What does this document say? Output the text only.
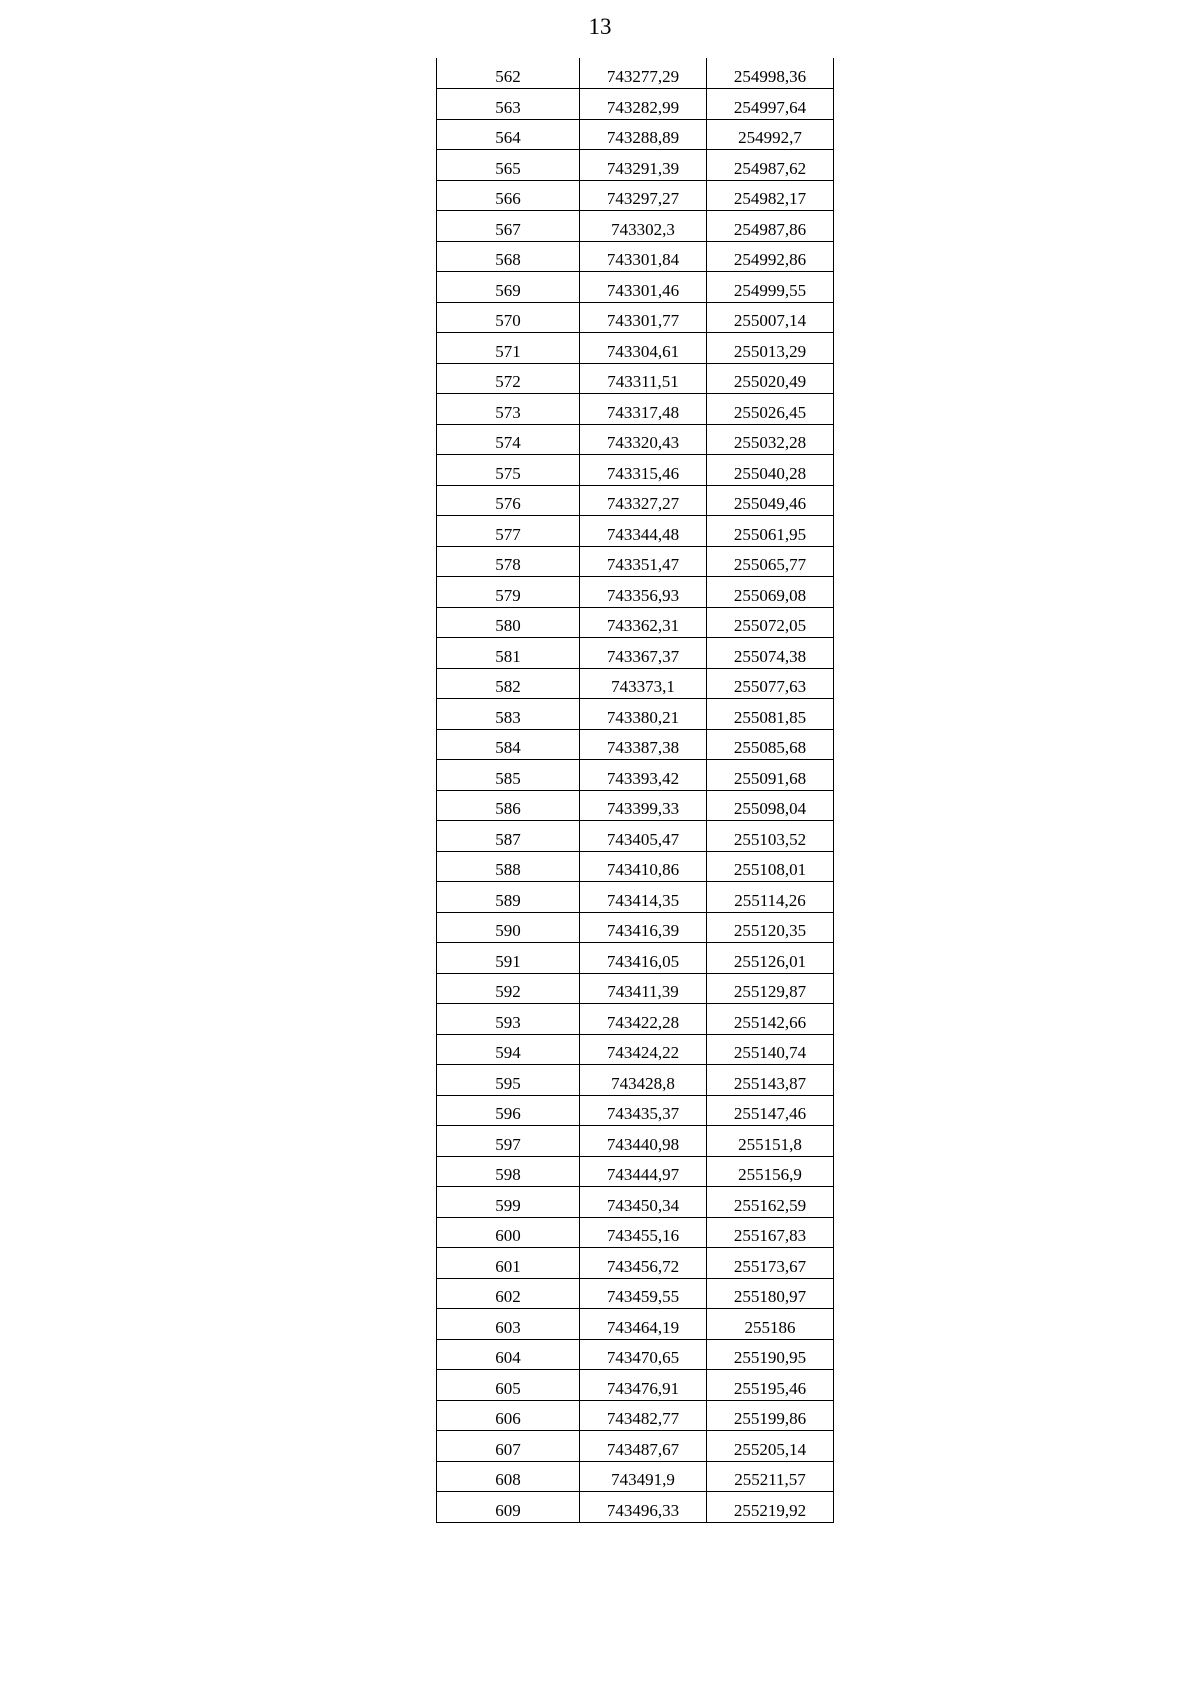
13
562	743277,29	254998,36
563	743282,99	254997,64
564	743288,89	254992,7
565	743291,39	254987,62
566	743297,27	254982,17
567	743302,3	254987,86
568	743301,84	254992,86
569	743301,46	254999,55
570	743301,77	255007,14
571	743304,61	255013,29
572	743311,51	255020,49
573	743317,48	255026,45
574	743320,43	255032,28
575	743315,46	255040,28
576	743327,27	255049,46
577	743344,48	255061,95
578	743351,47	255065,77
579	743356,93	255069,08
580	743362,31	255072,05
581	743367,37	255074,38
582	743373,1	255077,63
583	743380,21	255081,85
584	743387,38	255085,68
585	743393,42	255091,68
586	743399,33	255098,04
587	743405,47	255103,52
588	743410,86	255108,01
589	743414,35	255114,26
590	743416,39	255120,35
591	743416,05	255126,01
592	743411,39	255129,87
593	743422,28	255142,66
594	743424,22	255140,74
595	743428,8	255143,87
596	743435,37	255147,46
597	743440,98	255151,8
598	743444,97	255156,9
599	743450,34	255162,59
600	743455,16	255167,83
601	743456,72	255173,67
602	743459,55	255180,97
603	743464,19	255186
604	743470,65	255190,95
605	743476,91	255195,46
606	743482,77	255199,86
607	743487,67	255205,14
608	743491,9	255211,57
609	743496,33	255219,92
